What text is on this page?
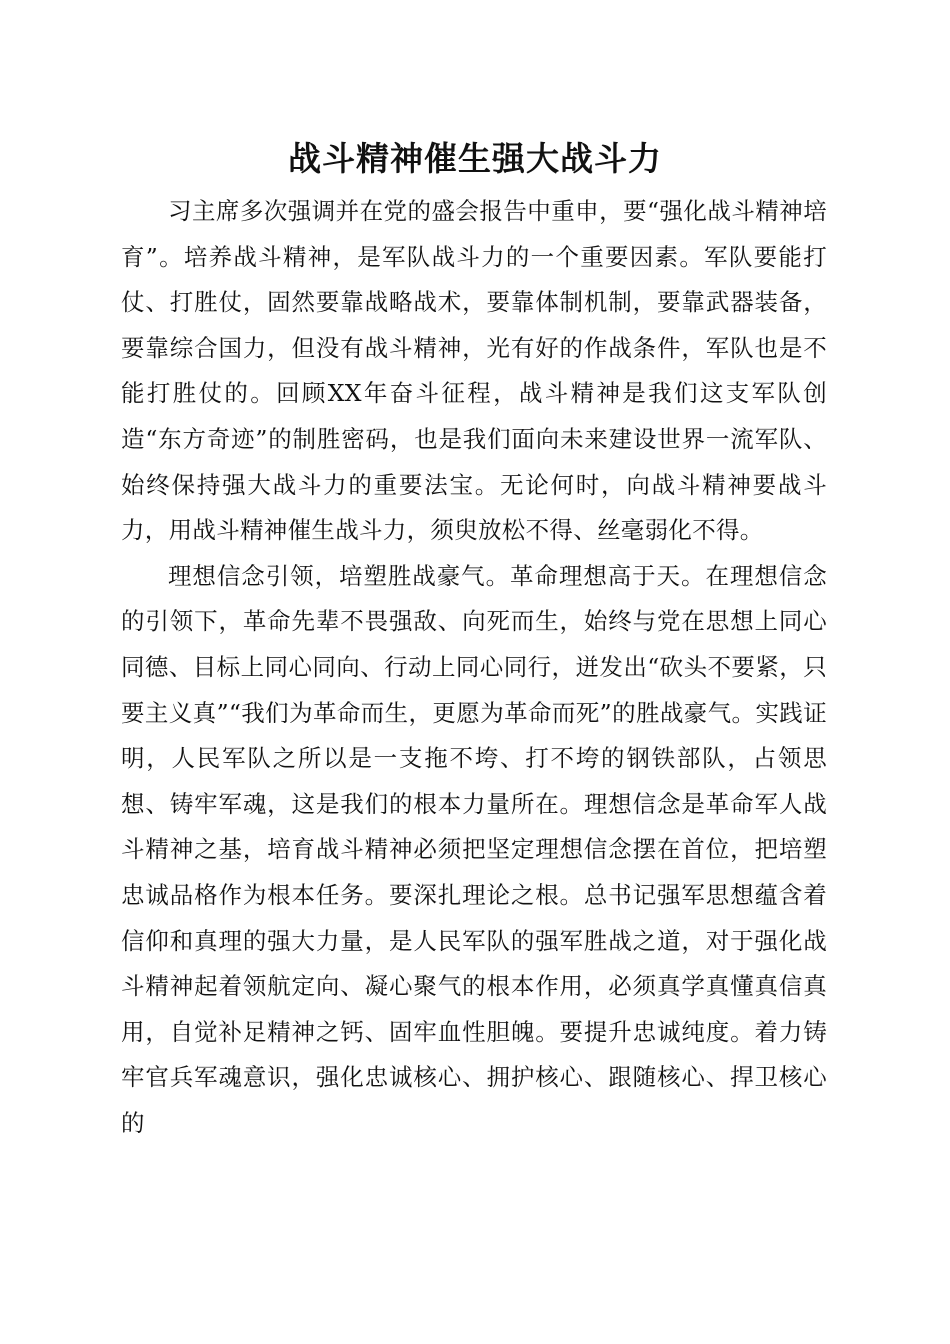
战斗精神催生强大战斗力

习主席多次强调并在党的盛会报告中重申，要“强化战斗精神培育”。培养战斗精神，是军队战斗力的一个重要因素。军队要能打仗、打胜仗，固然要靠战略战术，要靠体制机制，要靠武器装备，要靠综合国力，但没有战斗精神，光有好的作战条件，军队也是不能打胜仗的。回顾XX年奋斗征程，战斗精神是我们这支军队创造“东方奇迹”的制胜密码，也是我们面向未来建设世界一流军队、始终保持强大战斗力的重要法宝。无论何时，向战斗精神要战斗力，用战斗精神催生战斗力，须臾放松不得、丝毫弱化不得。

理想信念引领，培塑胜战豪气。革命理想高于天。在理想信念的引领下，革命先辈不畏强敌、向死而生，始终与党在思想上同心同德、目标上同心同向、行动上同心同行，迸发出“砍头不要紧，只要主义真”“我们为革命而生，更愿为革命而死”的胜战豪气。实践证明，人民军队之所以是一支拖不垮、打不垮的钢铁部队，占领思想、铸牢军魂，这是我们的根本力量所在。理想信念是革命军人战斗精神之基，培育战斗精神必须把坚定理想信念摆在首位，把培塑忠诚品格作为根本任务。要深扎理论之根。总书记强军思想蕴含着信仰和真理的强大力量，是人民军队的强军胜战之道，对于强化战斗精神起着领航定向、凝心聚气的根本作用，必须真学真懂真信真用，自觉补足精神之钙、固牢血性胆魄。要提升忠诚纯度。着力铸牢官兵军魂意识，强化忠诚核心、拥护核心、跟随核心、捍卫核心的
